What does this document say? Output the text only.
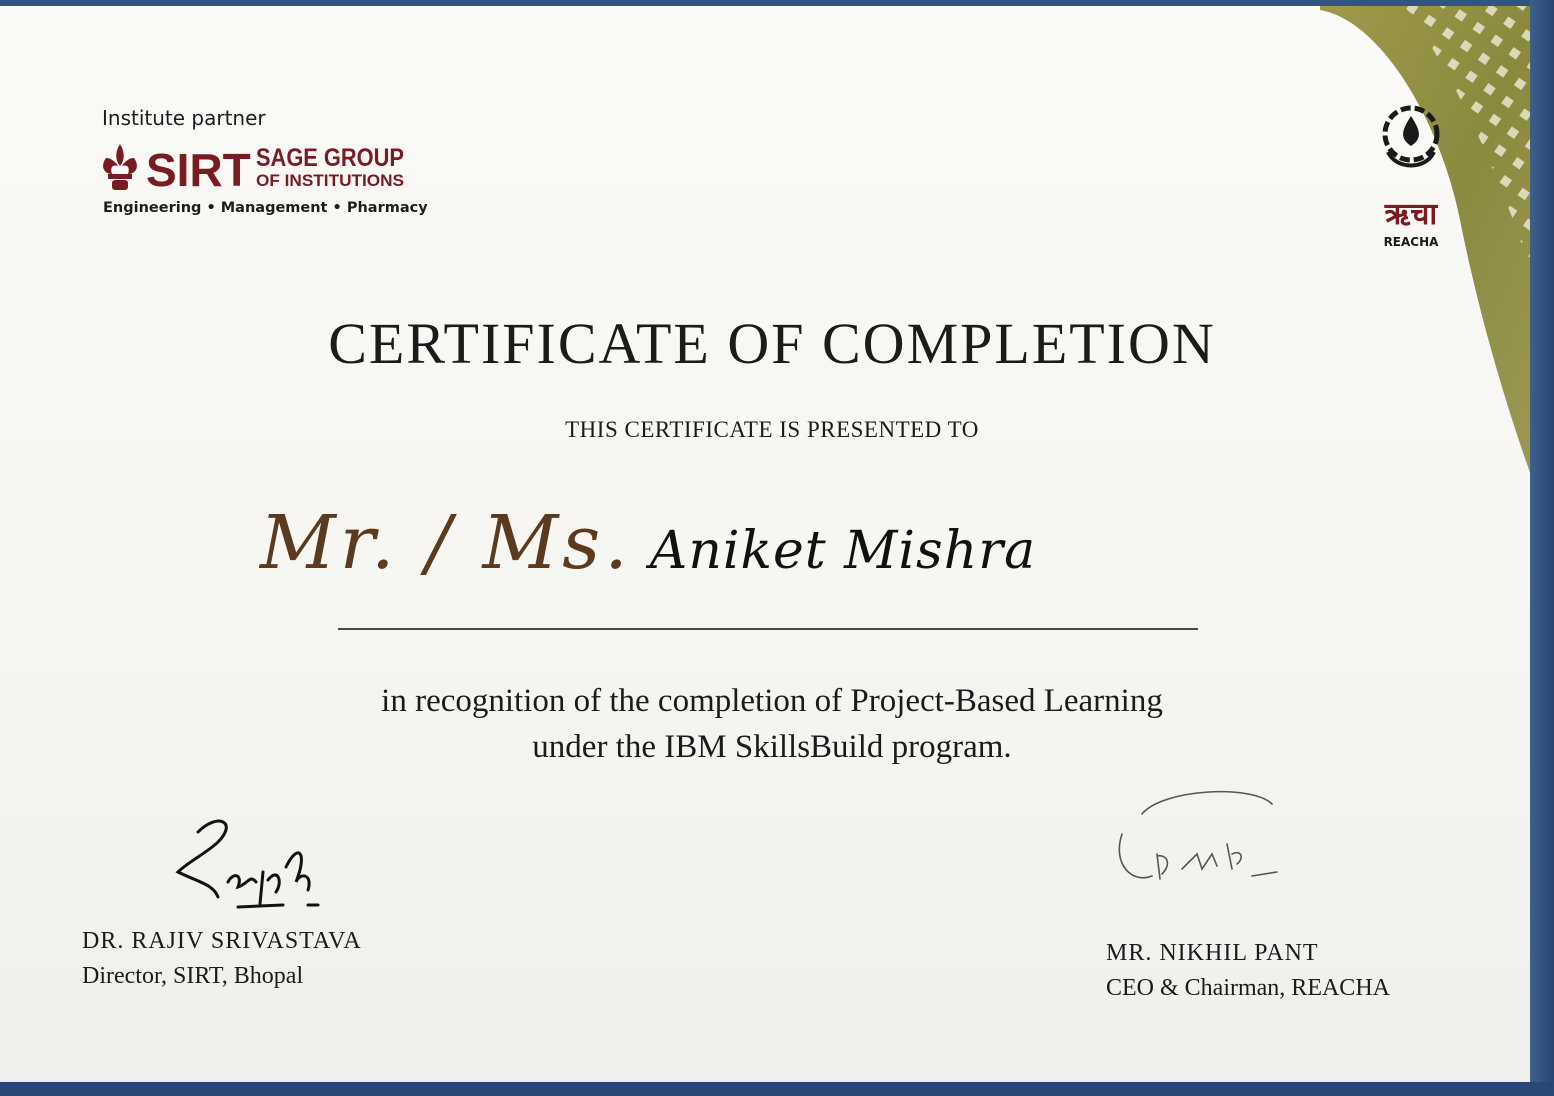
ऋचा
REACHA
Institute partner
SIRT SAGE GROUP
OF INSTITUTIONS
Engineering • Management • Pharmacy
CERTIFICATE OF COMPLETION
THIS CERTIFICATE IS PRESENTED TO
Mr. / Ms. Aniket Mishra
in recognition of the completion of Project-Based Learning
under the IBM SkillsBuild program.
DR. RAJIV SRIVASTAVA
Director, SIRT, Bhopal
MR. NIKHIL PANT
CEO & Chairman, REACHA
